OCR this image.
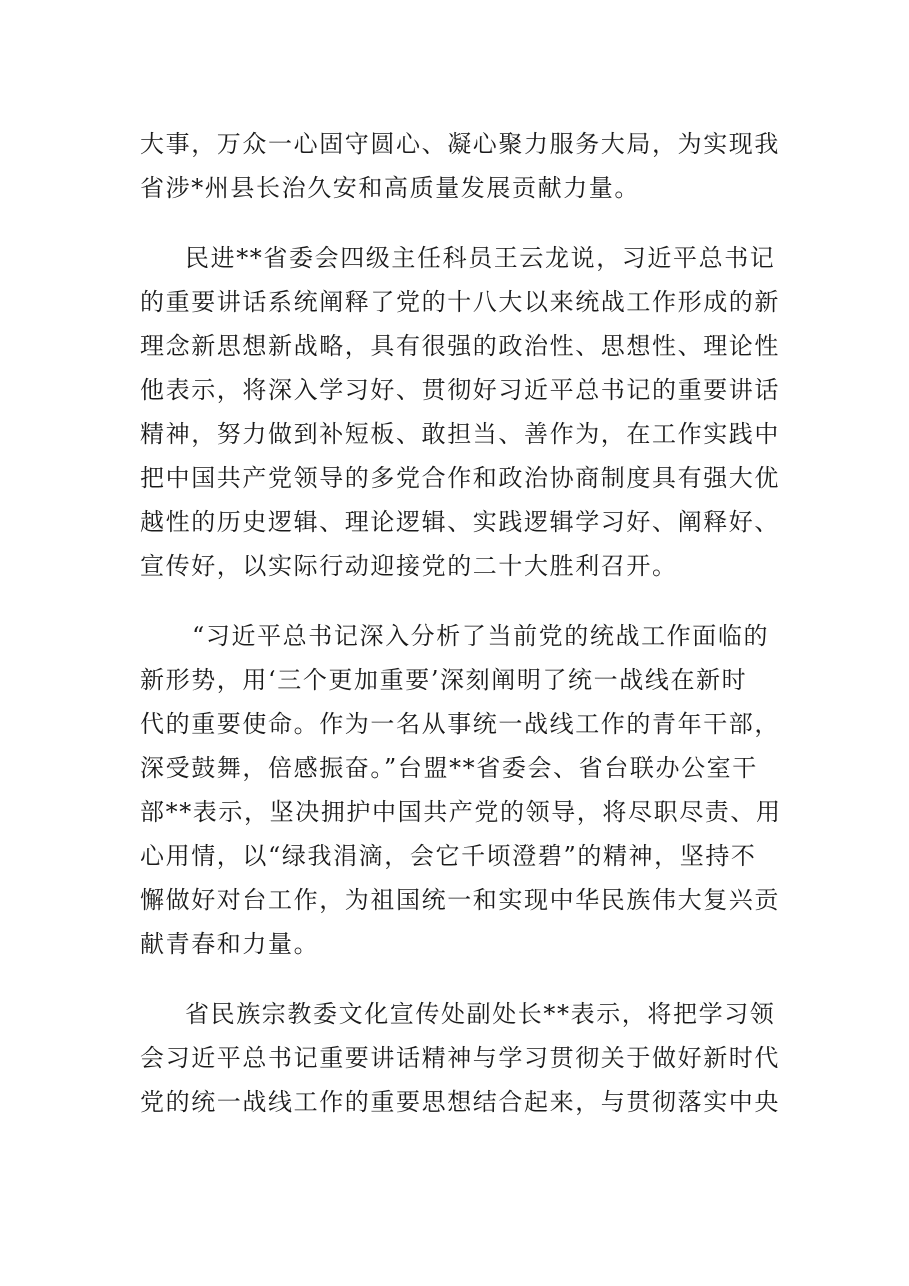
大事，万众一心固守圆心、凝心聚力服务大局，为实现我
省涉*州县长治久安和高质量发展贡献力量。
民进**省委会四级主任科员王云龙说，习近平总书记
的重要讲话系统阐释了党的十八大以来统战工作形成的新
理念新思想新战略，具有很强的政治性、思想性、理论性
他表示，将深入学习好、贯彻好习近平总书记的重要讲话
精神，努力做到补短板、敢担当、善作为，在工作实践中
把中国共产党领导的多党合作和政治协商制度具有强大优
越性的历史逻辑、理论逻辑、实践逻辑学习好、阐释好、
宣传好，以实际行动迎接党的二十大胜利召开。
“习近平总书记深入分析了当前党的统战工作面临的
新形势，用‘三个更加重要’深刻阐明了统一战线在新时
代的重要使命。作为一名从事统一战线工作的青年干部，
深受鼓舞，倍感振奋。”台盟**省委会、省台联办公室干
部**表示，坚决拥护中国共产党的领导，将尽职尽责、用
心用情，以“绿我涓滴，会它千顷澄碧”的精神，坚持不
懈做好对台工作，为祖国统一和实现中华民族伟大复兴贡
献青春和力量。
省民族宗教委文化宣传处副处长**表示，将把学习领
会习近平总书记重要讲话精神与学习贯彻关于做好新时代
党的统一战线工作的重要思想结合起来，与贯彻落实中央
